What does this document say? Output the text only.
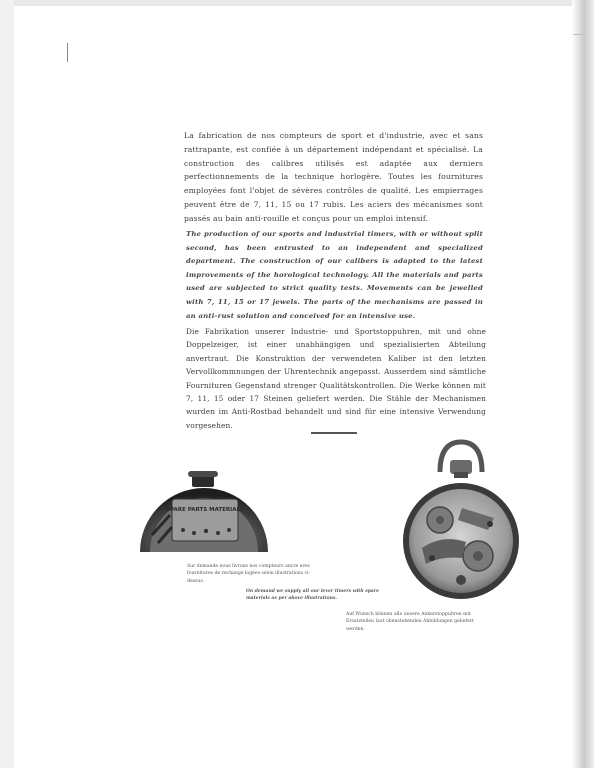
La fabrication de nos compteurs de sport et d'industrie, avec et sans rattrapante, est confiée à un département indépendant et spécialisé. La construction des calibres utilisés est adaptée aux derniers perfectionnements de la technique horlogère. Toutes les fournitures employées font l'objet de sévères contrôles de qualité. Les empierrages peuvent être de 7, 11, 15 ou 17 rubis. Les aciers des mécanismes sont passés au bain anti-rouille et conçus pour un emploi intensif.

The production of our sports and industrial timers, with or without split second, has been entrusted to an independent and specialized department. The construction of our calibers is adapted to the latest improvements of the horological technology. All the materials and parts used are subjected to strict quality tests. Movements can be jewelled with 7, 11, 15 or 17 jewels. The parts of the mechanisms are passed in an anti-rust solution and conceived for an intensive use.

Die Fabrikation unserer Industrie- und Sportstoppuhren, mit und ohne Doppelzeiger, ist einer unabhängigen und spezialisierten Abteilung anvertraut. Die Konstruktion der verwendeten Kaliber ist den letzten Vervollkommnungen der Uhrentechnik angepasst. Ausserdem sind sämtliche Fournituren Gegenstand strenger Qualitätskontrollen. Die Werke können mit 7, 11, 15 oder 17 Steinen geliefert werden. Die Stähle der Mechanismen wurden im Anti-Rostbad behandelt und sind für eine intensive Verwendung vorgesehen.

SPARE PARTS MATERIALS

Sur demande nous livrons nos compteurs ancre avec fournitures de rechange logées selon illustrations ci-dessus.

On demand we supply all our lever timers with spare materials as per above illustrations.

Auf Wunsch können alle unsere Ankerstoppuhren mit Ersatzteilen laut obenstehenden Abbildungen geliefert werden.
